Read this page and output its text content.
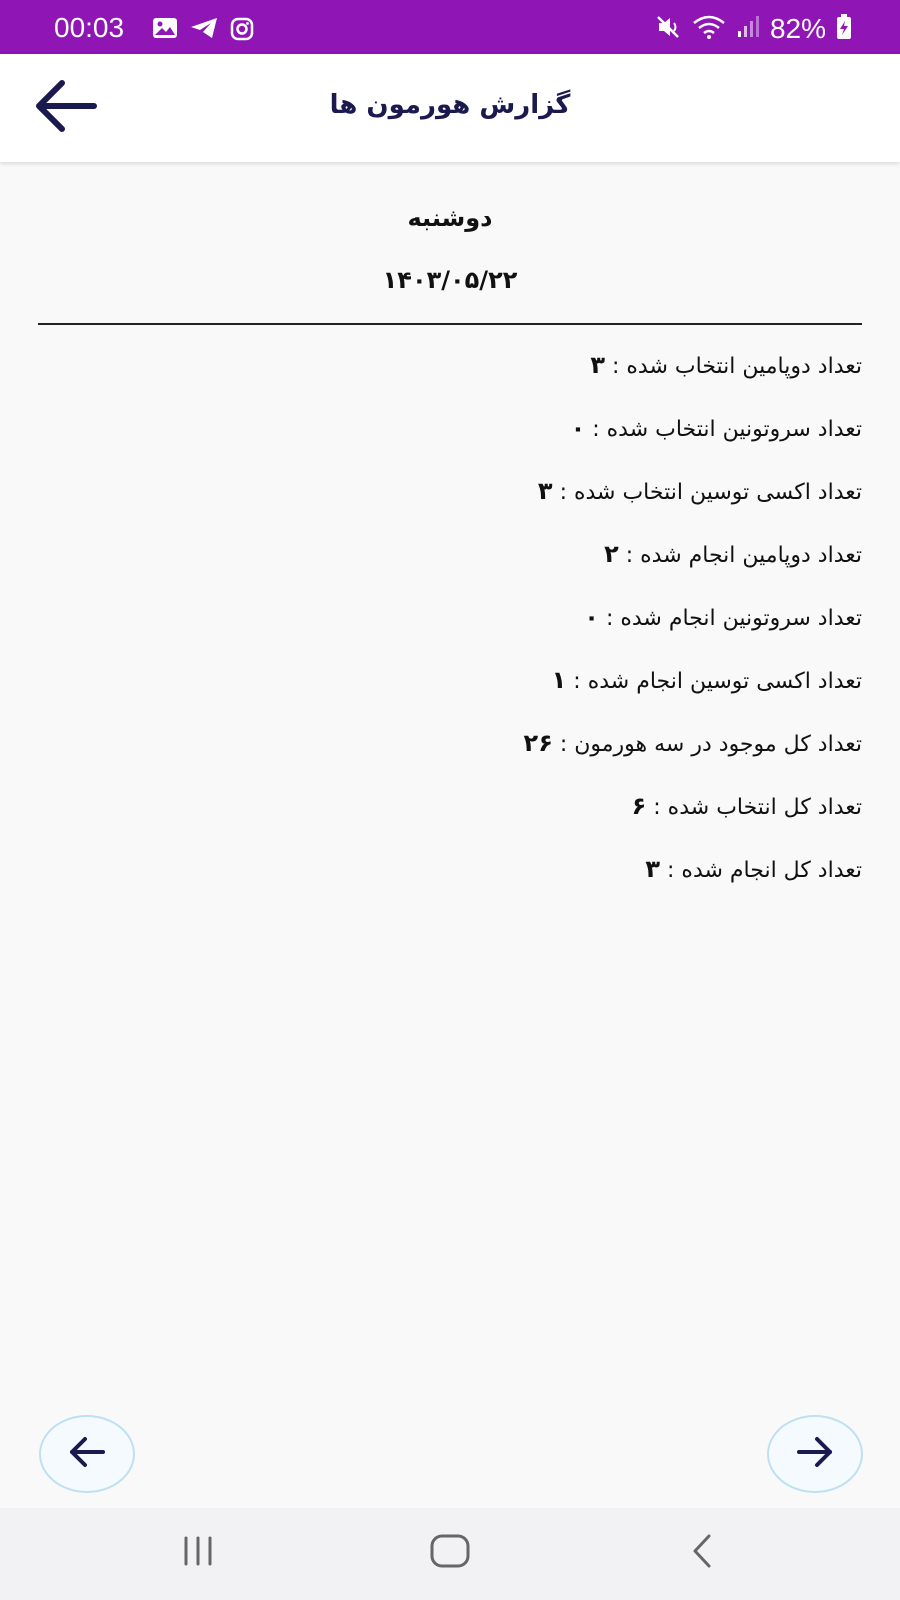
00:03	82%
گزارش هورمون ها
دوشنبه
۱۴۰۳/۰۵/۲۲
تعداد دوپامین انتخاب شده : ۳
تعداد سروتونین انتخاب شده : ۰
تعداد اکسی توسین انتخاب شده : ۳
تعداد دوپامین انجام شده : ۲
تعداد سروتونین انجام شده : ۰
تعداد اکسی توسین انجام شده : ۱
تعداد کل موجود در سه هورمون : ۲۶
تعداد کل انتخاب شده : ۶
تعداد کل انجام شده : ۳
